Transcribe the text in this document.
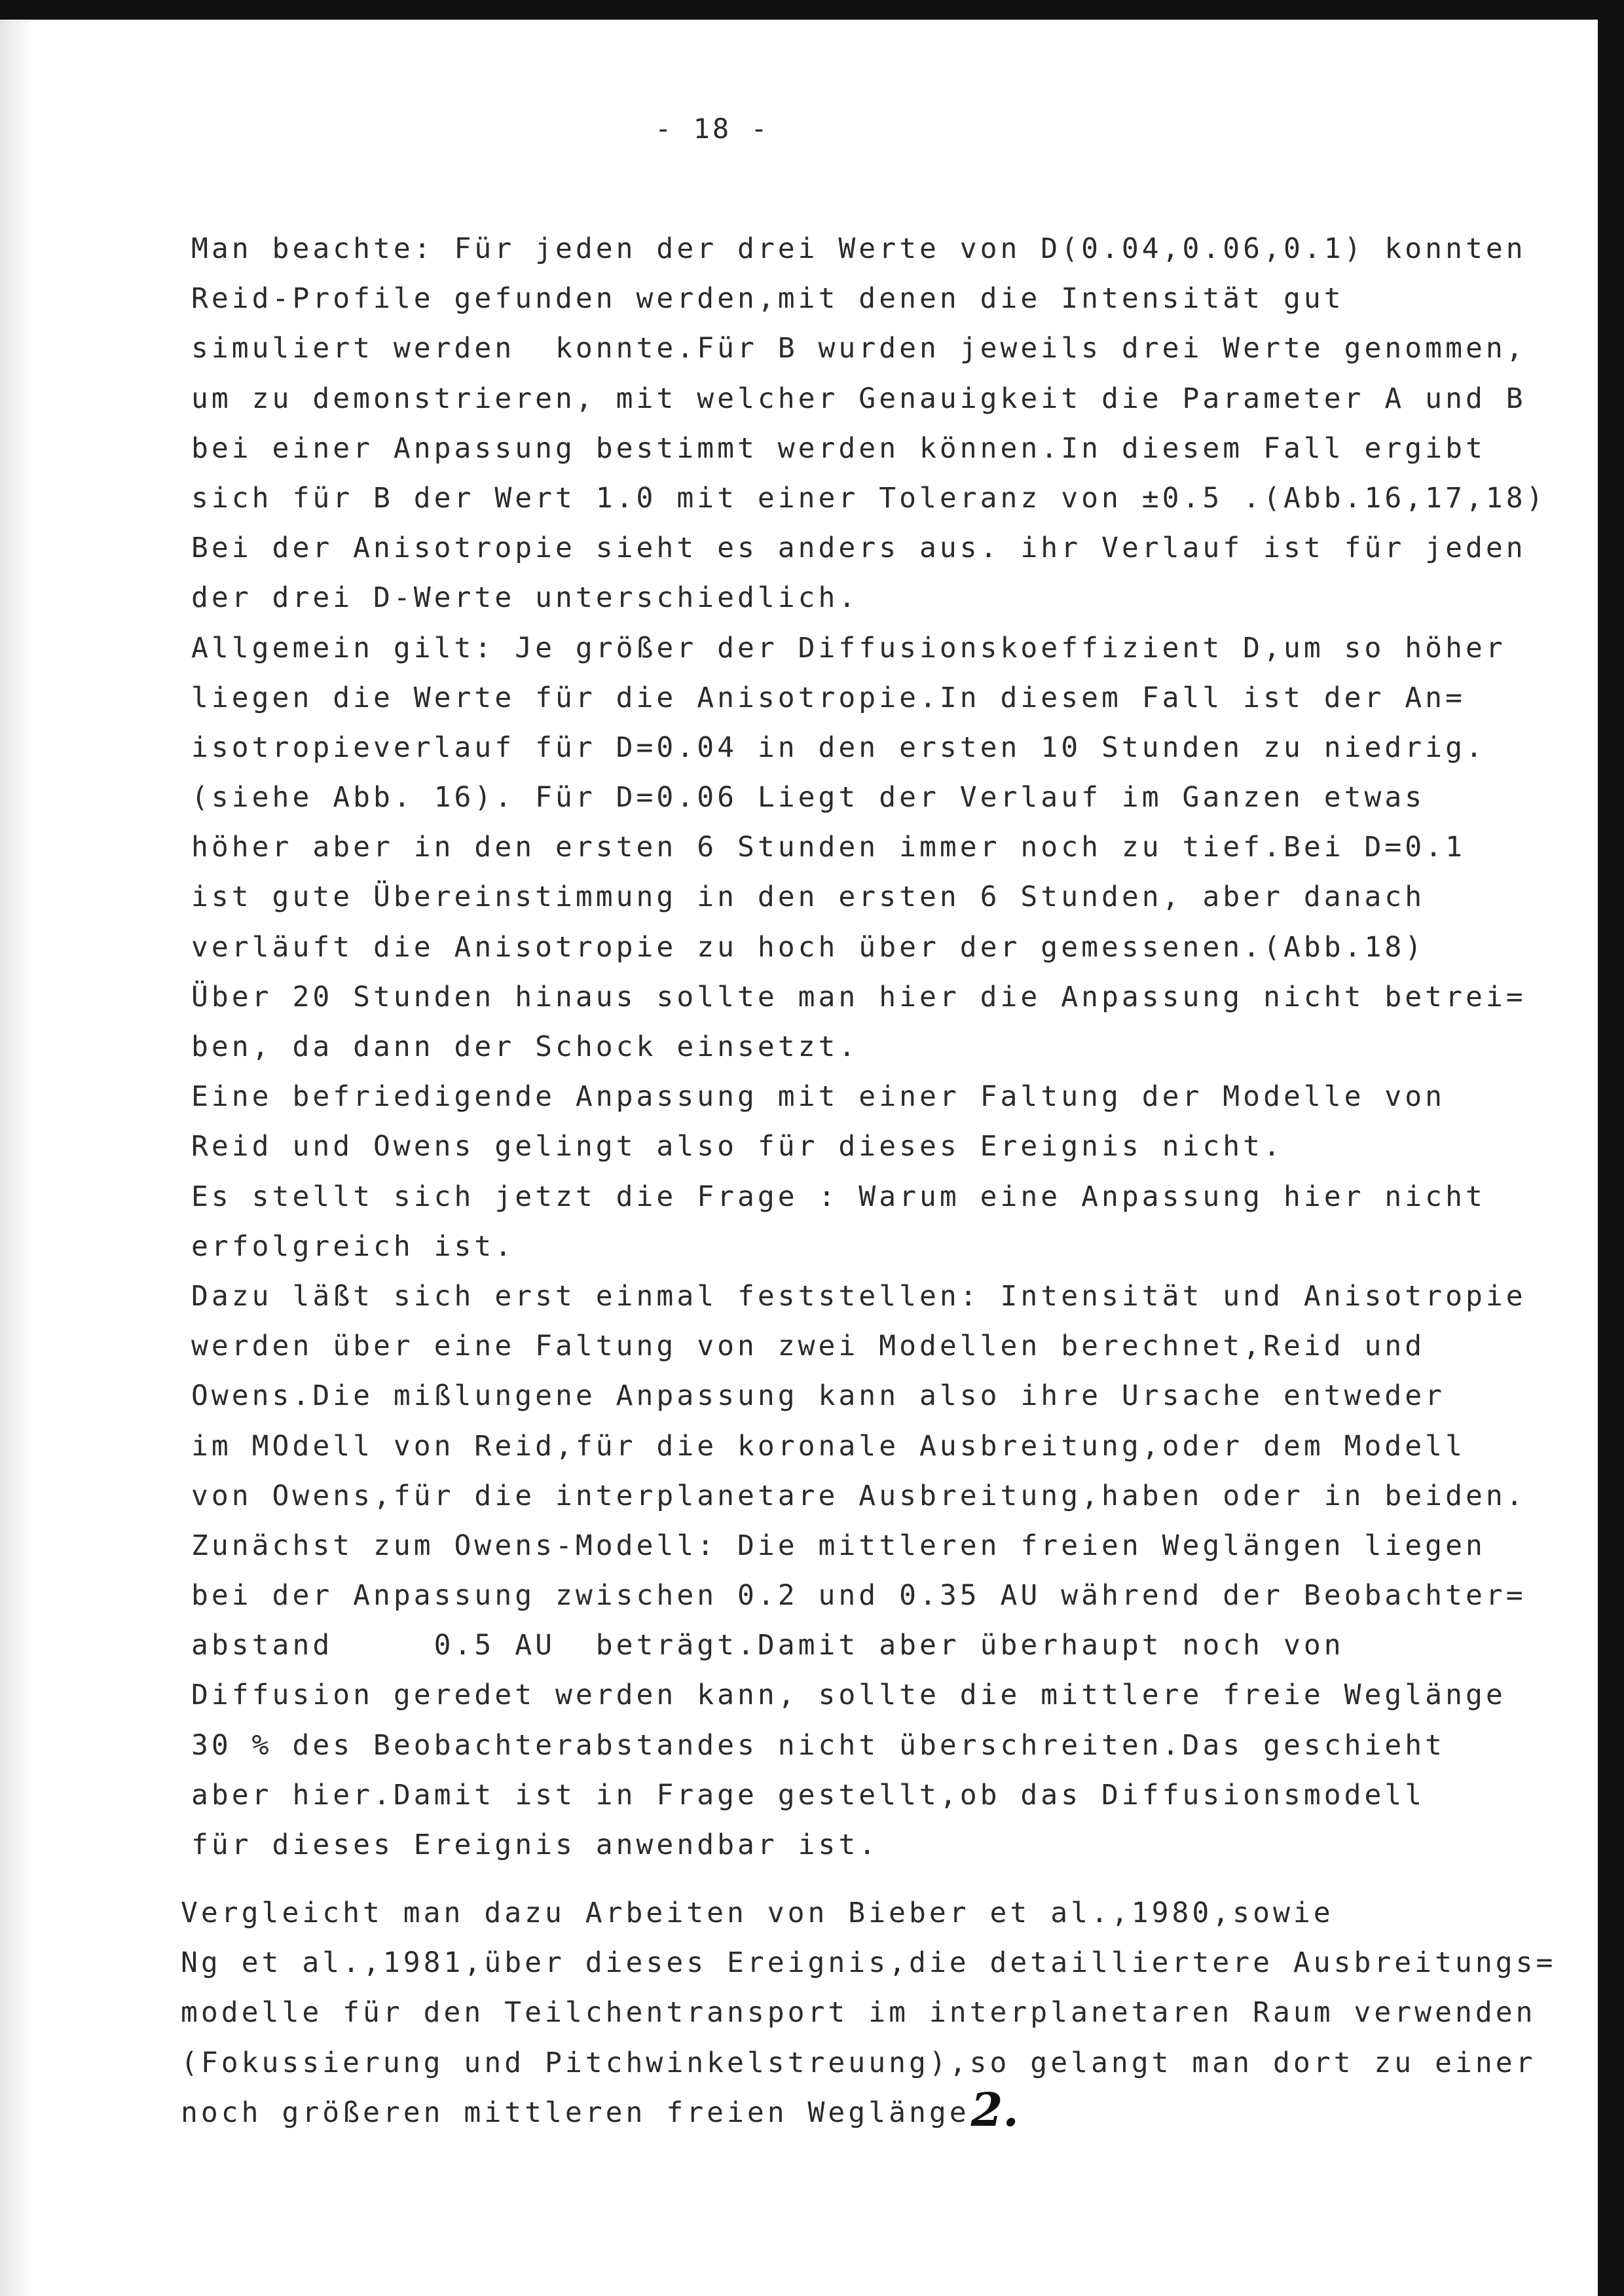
- 18 -
Man beachte: Für jeden der drei Werte von D(0.04,0.06,0.1) konnten
Reid-Profile gefunden werden,mit denen die Intensität gut
simuliert werden  konnte.Für B wurden jeweils drei Werte genommen,
um zu demonstrieren, mit welcher Genauigkeit die Parameter A und B
bei einer Anpassung bestimmt werden können.In diesem Fall ergibt
sich für B der Wert 1.0 mit einer Toleranz von ±0.5 .(Abb.16,17,18)
Bei der Anisotropie sieht es anders aus. ihr Verlauf ist für jeden
der drei D-Werte unterschiedlich.
Allgemein gilt: Je größer der Diffusionskoeffizient D,um so höher
liegen die Werte für die Anisotropie.In diesem Fall ist der An=
isotropieverlauf für D=0.04 in den ersten 10 Stunden zu niedrig.
(siehe Abb. 16). Für D=0.06 Liegt der Verlauf im Ganzen etwas
höher aber in den ersten 6 Stunden immer noch zu tief.Bei D=0.1
ist gute Übereinstimmung in den ersten 6 Stunden, aber danach
verläuft die Anisotropie zu hoch über der gemessenen.(Abb.18)
Über 20 Stunden hinaus sollte man hier die Anpassung nicht betrei=
ben, da dann der Schock einsetzt.
Eine befriedigende Anpassung mit einer Faltung der Modelle von
Reid und Owens gelingt also für dieses Ereignis nicht.
Es stellt sich jetzt die Frage : Warum eine Anpassung hier nicht
erfolgreich ist.
Dazu läßt sich erst einmal feststellen: Intensität und Anisotropie
werden über eine Faltung von zwei Modellen berechnet,Reid und
Owens.Die mißlungene Anpassung kann also ihre Ursache entweder
im MOdell von Reid,für die koronale Ausbreitung,oder dem Modell
von Owens,für die interplanetare Ausbreitung,haben oder in beiden.
Zunächst zum Owens-Modell: Die mittleren freien Weglängen liegen
bei der Anpassung zwischen 0.2 und 0.35 AU während der Beobachter=
abstand     0.5 AU  beträgt.Damit aber überhaupt noch von
Diffusion geredet werden kann, sollte die mittlere freie Weglänge
30 % des Beobachterabstandes nicht überschreiten.Das geschieht
aber hier.Damit ist in Frage gestellt,ob das Diffusionsmodell
für dieses Ereignis anwendbar ist.
Vergleicht man dazu Arbeiten von Bieber et al.,1980,sowie
Ng et al.,1981,über dieses Ereignis,die detailliertere Ausbreitungs=
modelle für den Teilchentransport im interplanetaren Raum verwenden
(Fokussierung und Pitchwinkelstreuung),so gelangt man dort zu einer
noch größeren mittleren freien Weglänge2.
